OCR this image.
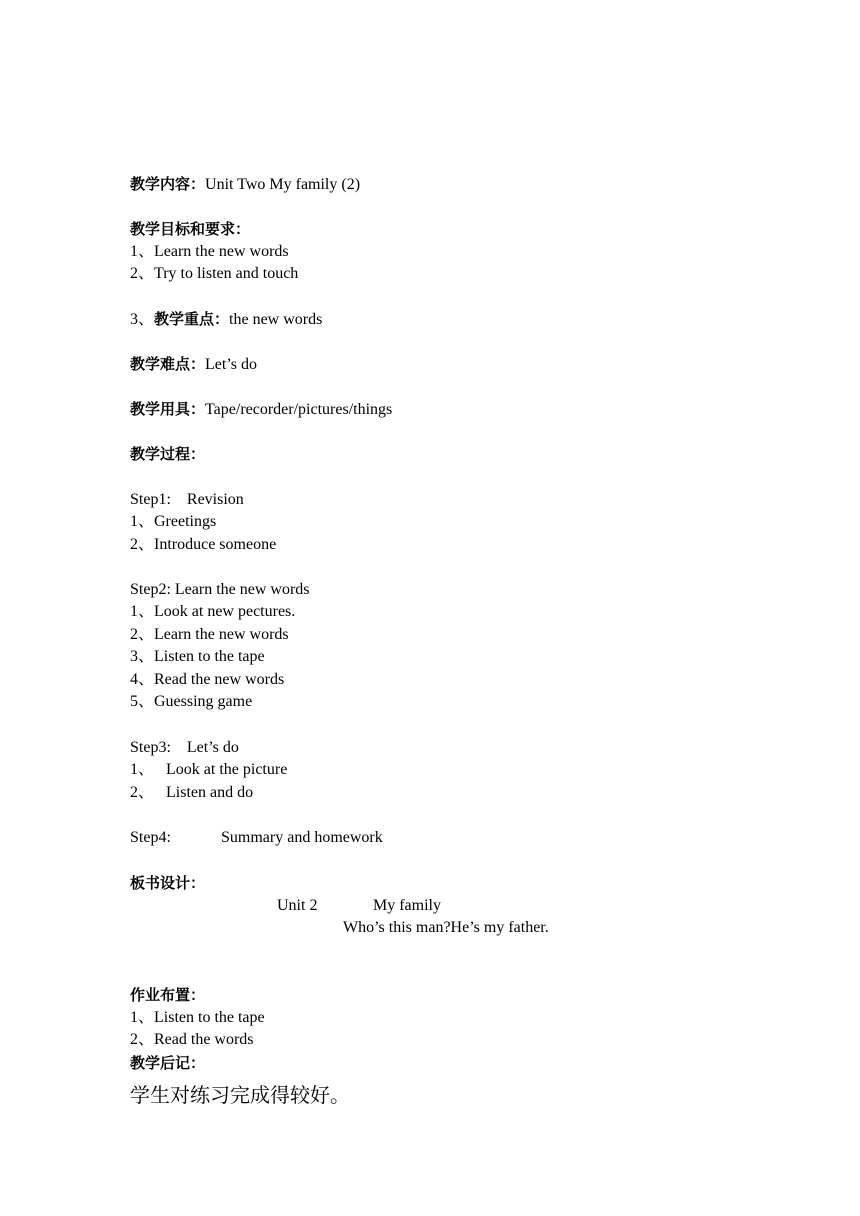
教学内容：Unit Two My family (2)
教学目标和要求：
1、Learn the new words
2、Try to listen and touch
3、教学重点：the new words
教学难点：Let’s do
教学用具：Tape/recorder/pictures/things
教学过程：
Step1:    Revision
1、Greetings
2、Introduce someone
Step2: Learn the new words
1、Look at new pectures.
2、Learn the new words
3、Listen to the tape
4、Read the new words
5、Guessing game
Step3:    Let’s do
1、   Look at the picture
2、   Listen and do
Step4:	Summary and homework
板书设计：
Unit 2	My family
Who’s this man?He’s my father.
作业布置：
1、Listen to the tape
2、Read the words
教学后记：
学生对练习完成得较好。
